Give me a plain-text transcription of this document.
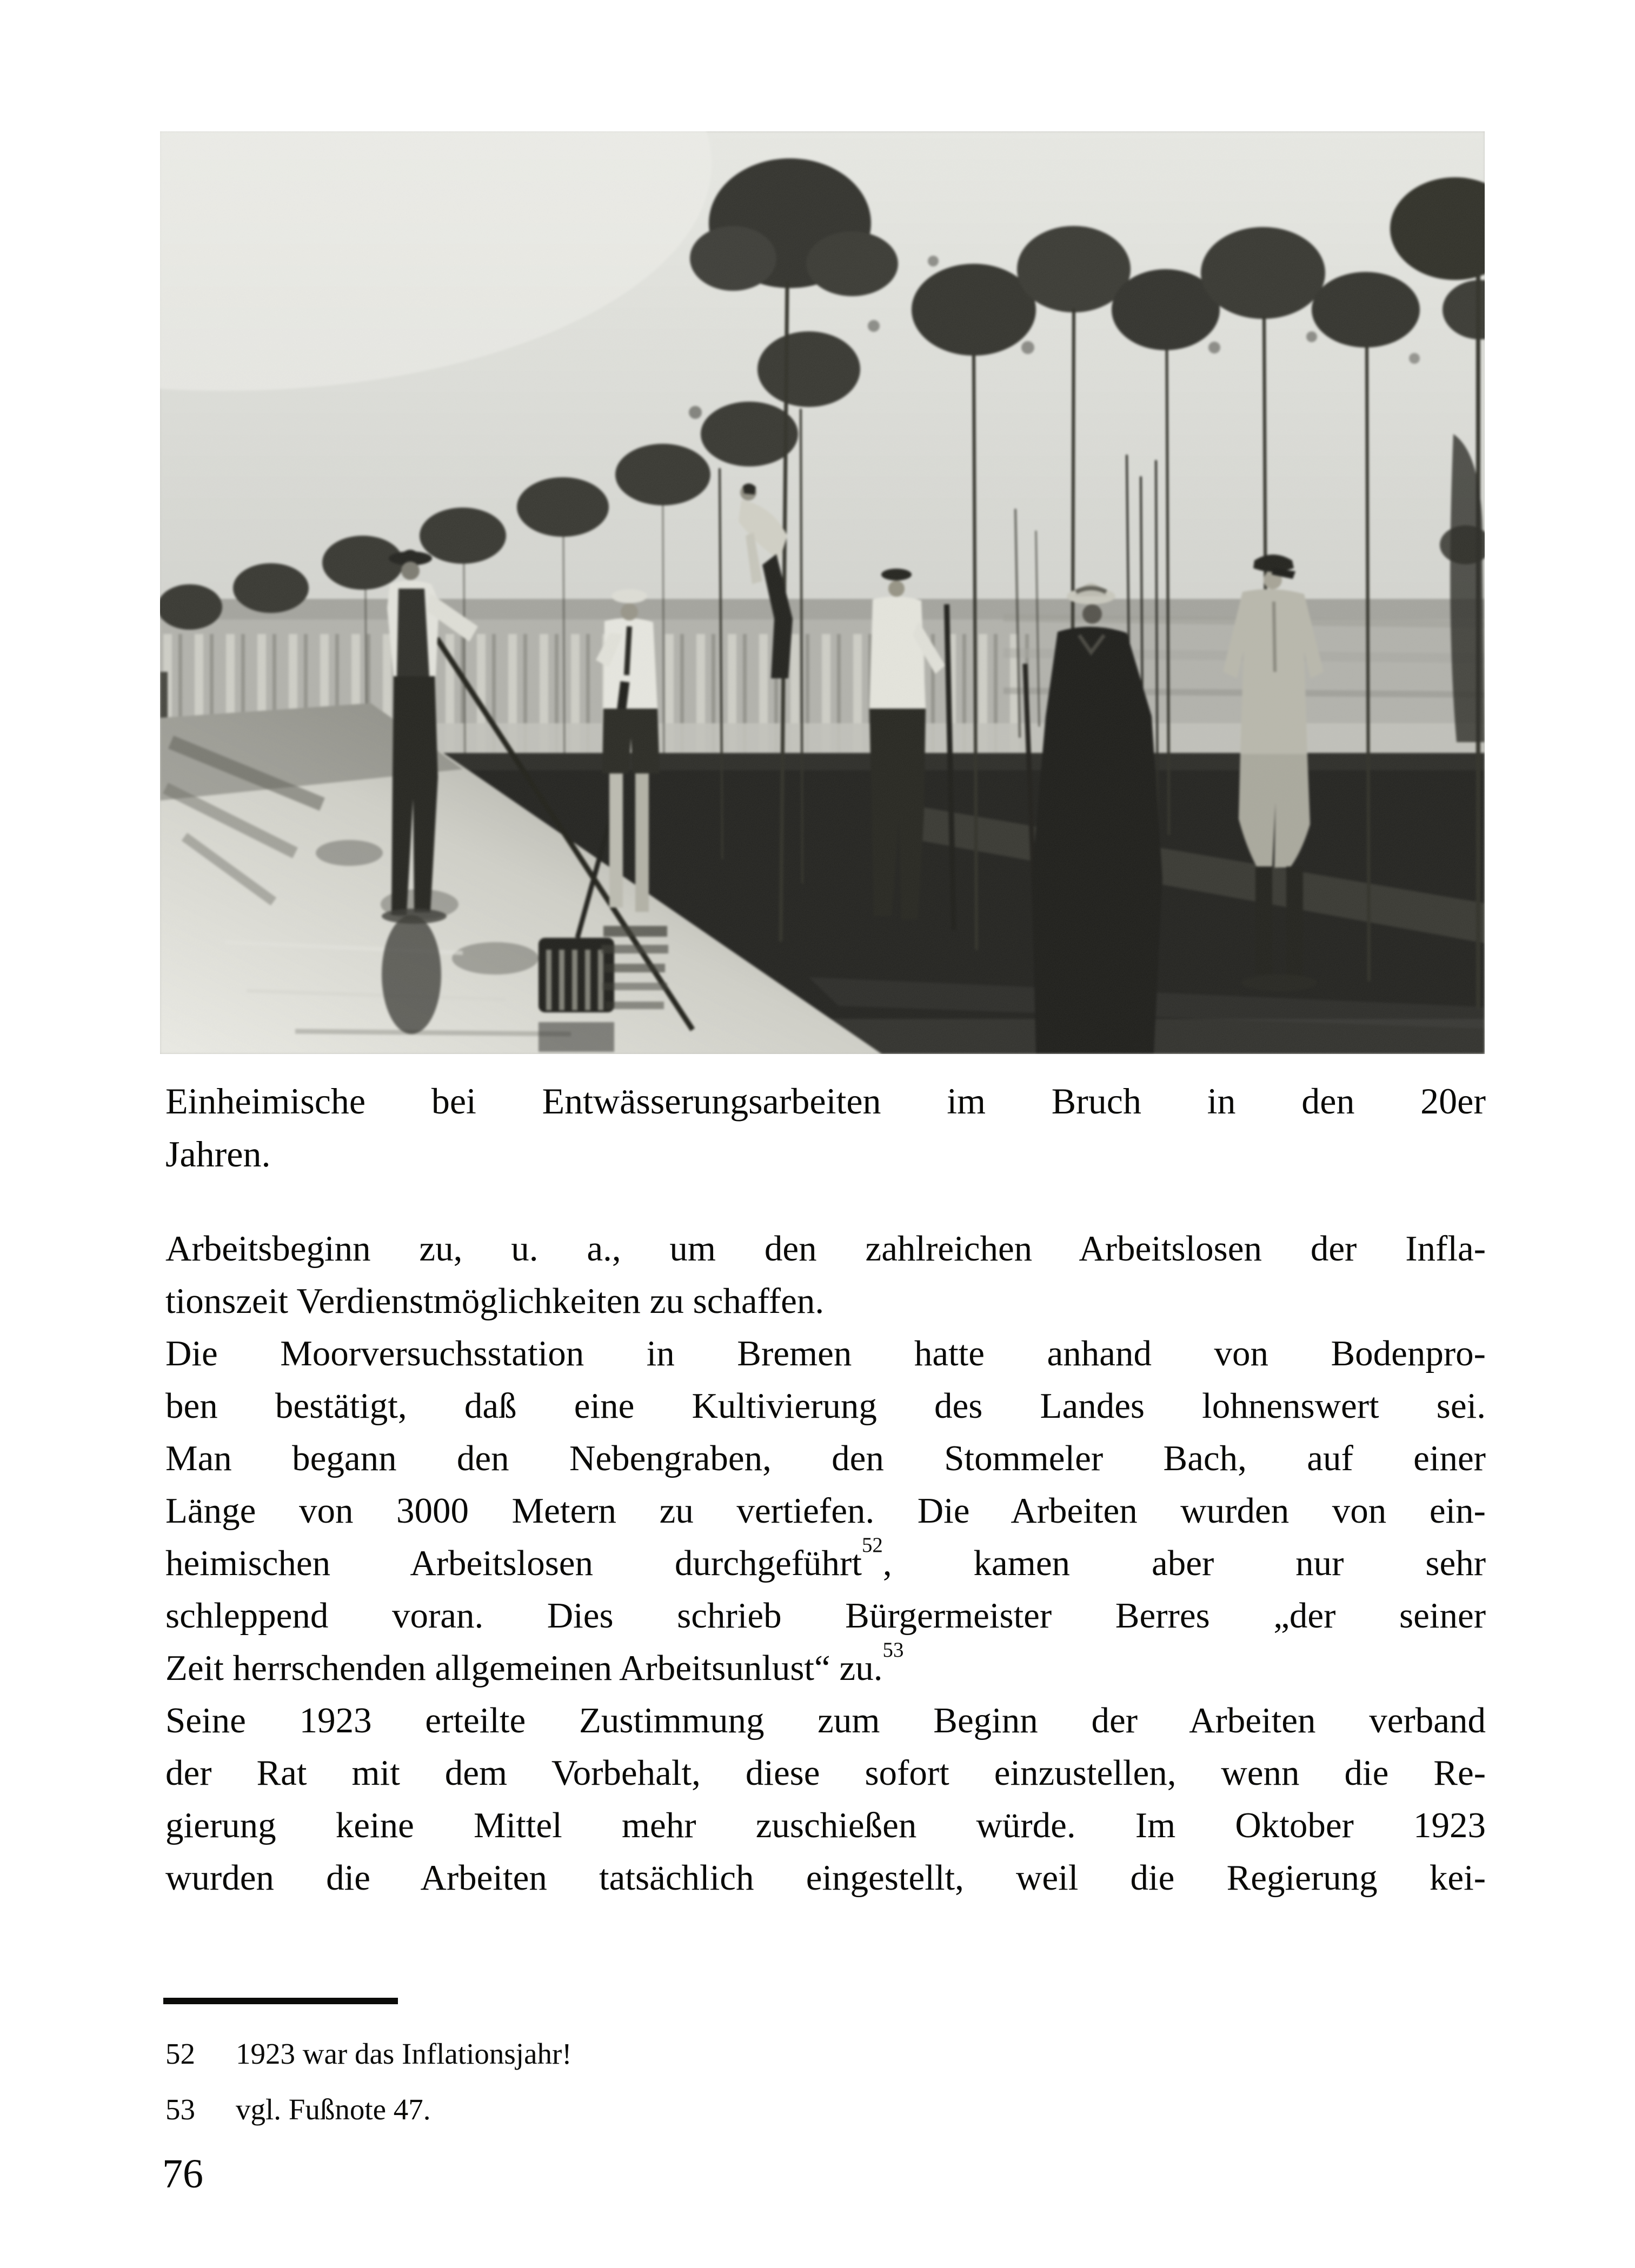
Einheimische bei Entwässerungsarbeiten im Bruch in den 20er
Jahren.
Arbeitsbeginn zu, u. a., um den zahlreichen Arbeitslosen der Infla-
tionszeit Verdienstmöglichkeiten zu schaffen.
Die Moorversuchsstation in Bremen hatte anhand von Bodenpro-
ben bestätigt, daß eine Kultivierung des Landes lohnenswert sei.
Man begann den Nebengraben, den Stommeler Bach, auf einer
Länge von 3000 Metern zu vertiefen. Die Arbeiten wurden von ein-
heimischen Arbeitslosen durchgeführt$^{52}$, kamen aber nur sehr
schleppend voran. Dies schrieb Bürgermeister Berres „der seiner
Zeit herrschenden allgemeinen Arbeitsunlust“ zu.$^{53}$
Seine 1923 erteilte Zustimmung zum Beginn der Arbeiten verband
der Rat mit dem Vorbehalt, diese sofort einzustellen, wenn die Re-
gierung keine Mittel mehr zuschießen würde. Im Oktober 1923
wurden die Arbeiten tatsächlich eingestellt, weil die Regierung kei-
52 1923 war das Inflationsjahr!
53 vgl. Fußnote 47.
76
